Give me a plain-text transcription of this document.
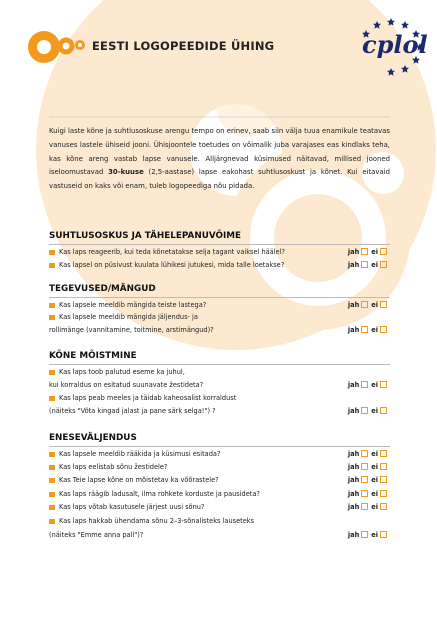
EESTI LOGOPEEDIDE ÜHING	cplol
Kuigi laste kõne ja suhtlusoskuse arengu tempo on erinev, saab siin välja tuua enamikule teatavas vanuses lastele ühiseid jooni. Ühisjoontele toetudes on võimalik juba varajases eas kindlaks teha, kas kõne areng vastab lapse vanusele. Alljärgnevad küsimused näitavad, millised jooned iseloomustavad 30-kuuse (2,5-aastase) lapse eakohast suhtlusoskust ja kõnet. Kui eitavaid vastuseid on kaks või enam, tuleb logopeediga nõu pidada.
SUHTLUSOSKUS JA TÄHELEPANUVÕIME
Kas laps reageerib, kui teda kõnetatakse selja tagant vaiksel häälel?	jah ei
Kas lapsel on püsivust kuulata lühikesi jutukesi, mida talle loetakse?	jah ei
TEGEVUSED/MÄNGUD
Kas lapsele meeldib mängida teiste lastega?	jah ei
Kas lapsele meeldib mängida jäljendus- ja
rollimänge (vannitamine, toitmine, arstimängud)?	jah ei
KÕNE MÕISTMINE
Kas laps toob palutud eseme ka juhul,
kui korraldus on esitatud suunavate žestideta?	jah ei
Kas laps peab meeles ja täidab kaheosalist korraldust
(näiteks "Võta kingad jalast ja pane särk selga!") ?	jah ei
ENESEVÄLJENDUS
Kas lapsele meeldib rääkida ja küsimusi esitada?	jah ei
Kas laps eelistab sõnu žestidele?	jah ei
Kas Teie lapse kõne on mõistetav ka võõrastele?	jah ei
Kas laps räägib ladusalt, ilma rohkete korduste ja pausideta?	jah ei
Kas laps võtab kasutusele järjest uusi sõnu?	jah ei
Kas laps hakkab ühendama sõnu 2–3-sõnalisteks lauseteks
(näiteks "Emme anna pall")?	jah ei
